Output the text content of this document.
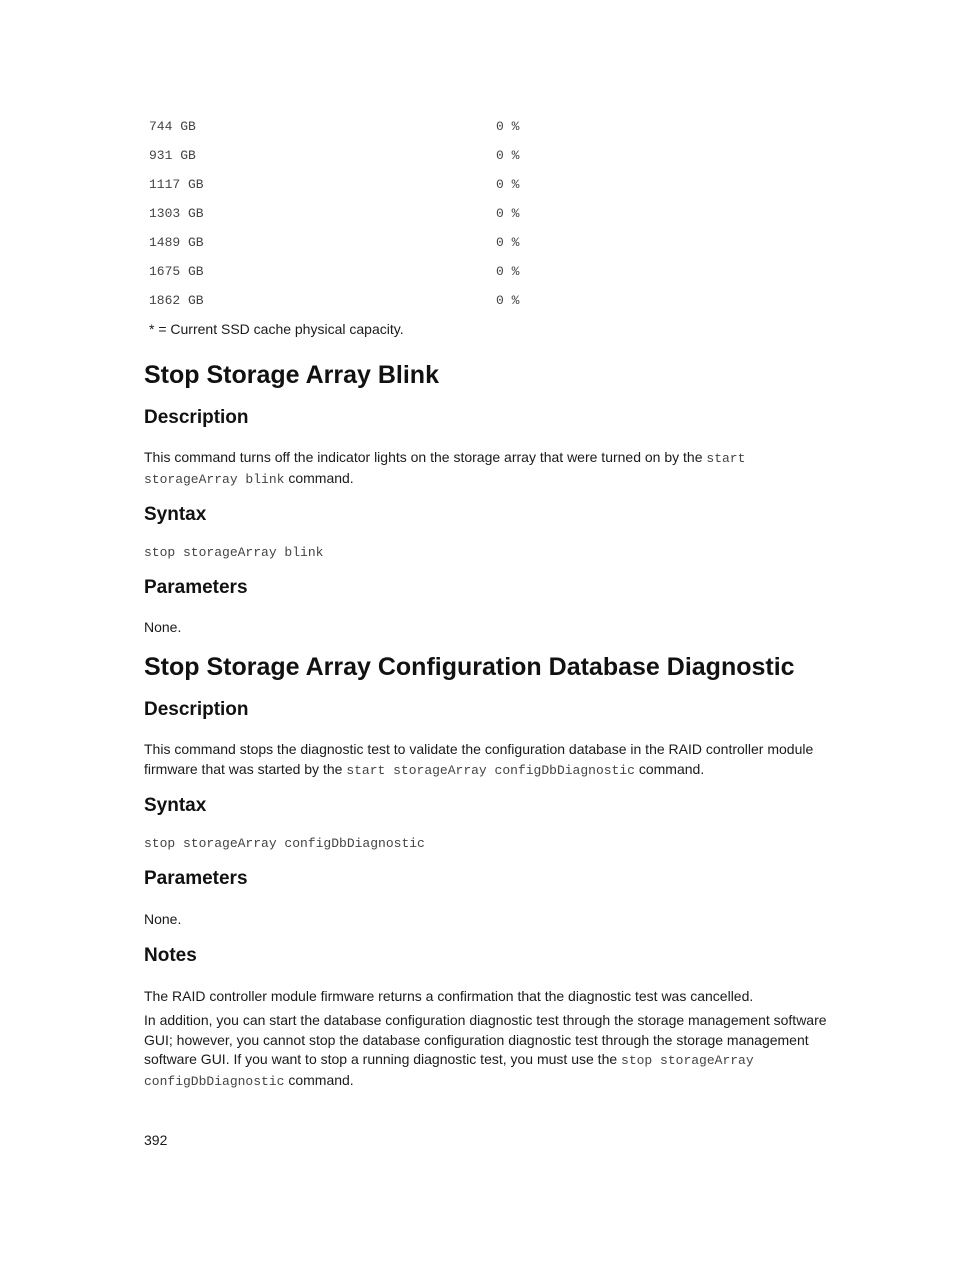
744 GB	0 %
931 GB	0 %
1117 GB	0 %
1303 GB	0 %
1489 GB	0 %
1675 GB	0 %
1862 GB	0 %
* = Current SSD cache physical capacity.
Stop Storage Array Blink
Description

This command turns off the indicator lights on the storage array that were turned on by the start storageArray blink command.

Syntax
stop storageArray blink
Parameters

None.

Stop Storage Array Configuration Database Diagnostic
Description

This command stops the diagnostic test to validate the configuration database in the RAID controller module firmware that was started by the start storageArray configDbDiagnostic command.

Syntax
stop storageArray configDbDiagnostic
Parameters

None.

Notes

The RAID controller module firmware returns a confirmation that the diagnostic test was cancelled.

In addition, you can start the database configuration diagnostic test through the storage management software GUI; however, you cannot stop the database configuration diagnostic test through the storage management software GUI. If you want to stop a running diagnostic test, you must use the stop storageArray configDbDiagnostic command.

392
